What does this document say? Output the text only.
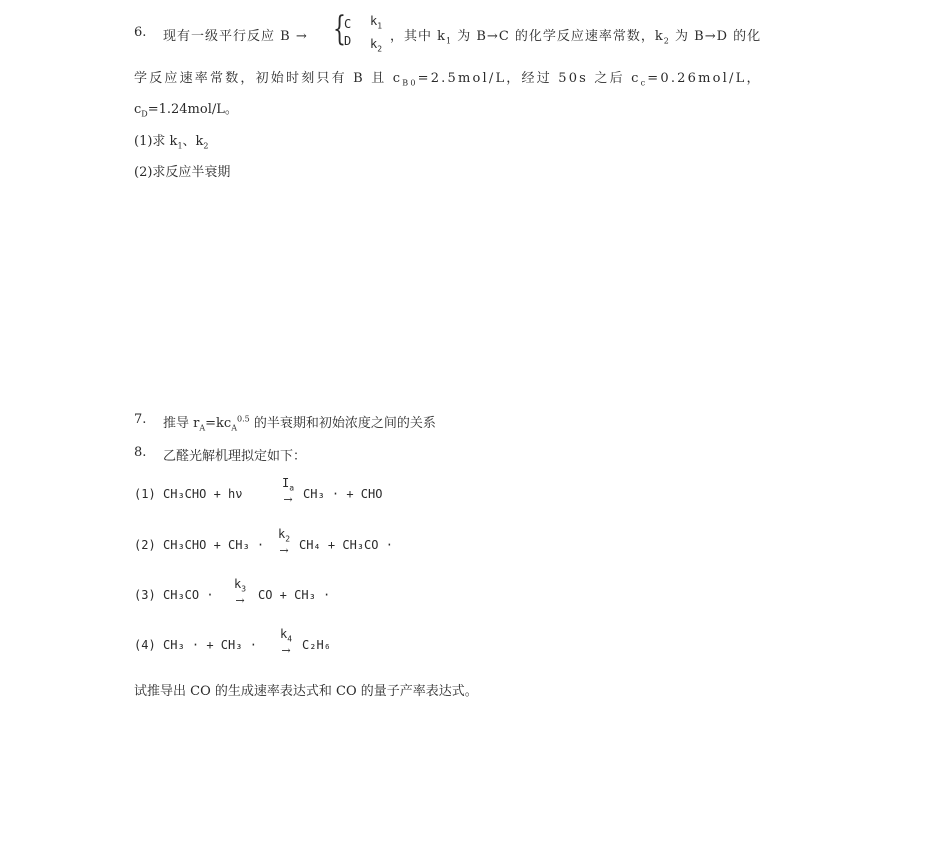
6. 现有一级平行反应 B → {
C
D
$k_1$
$k_2$
，其中 $k_1$ 为 B→C 的化学反应速率常数，$k_2$ 为 B→D 的化
学反应速率常数，初始时刻只有 B 且 $c_{B0}=2.5mol/L$，经过 50s 之后 $c_c=0.26mol/L$，
$c_D=1.24mol/L$。
(1)求 $k_1$、$k_2$
(2)求反应半衰期
7. 推导 $r_A=kc_A^{0.5}$ 的半衰期和初始浓度之间的关系
8. 乙醛光解机理拟定如下：
(1) CH₃CHO + hν
$I_a$
→ CH₃ · + CHO
(2) CH₃CHO + CH₃ ·
$k_2$
→ CH₄ + CH₃CO ·
(3) CH₃CO ·
$k_3$
→ CO + CH₃ ·
(4) CH₃ · + CH₃ ·
$k_4$
→ C₂H₆
试推导出 CO 的生成速率表达式和 CO 的量子产率表达式。
